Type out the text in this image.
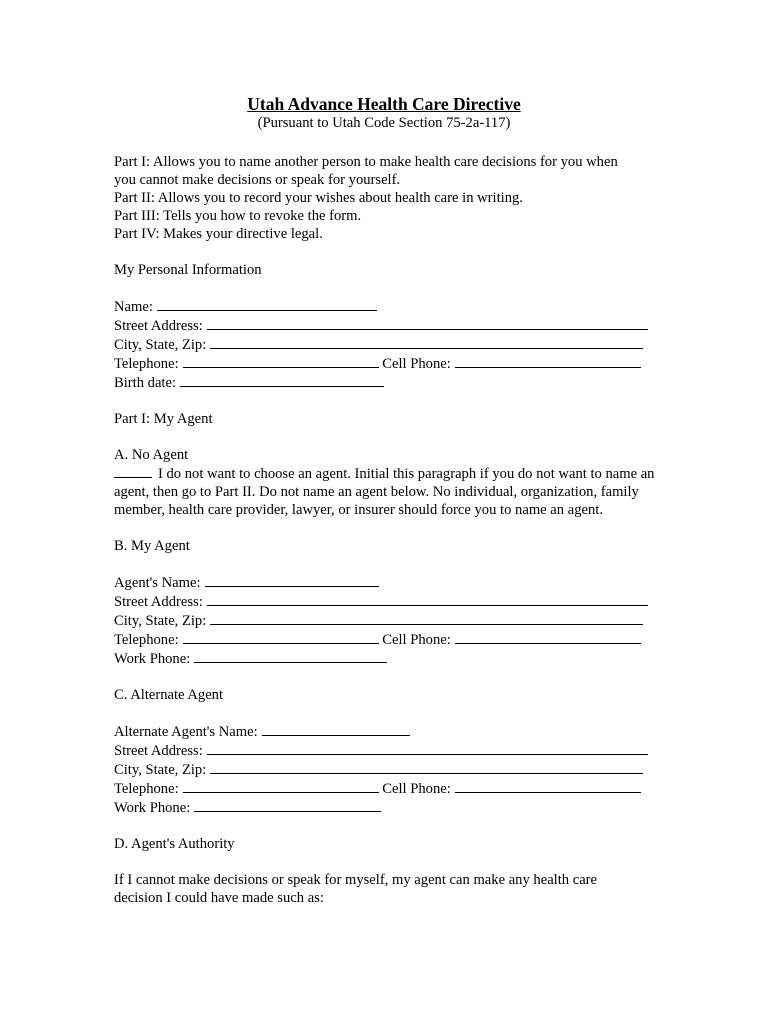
Utah Advance Health Care Directive

(Pursuant to Utah Code Section 75-2a-117)

Part I: Allows you to name another person to make health care decisions for you when you cannot make decisions or speak for yourself.

Part II: Allows you to record your wishes about health care in writing.

Part III: Tells you how to revoke the form.

Part IV: Makes your directive legal.

My Personal Information

Name:

Street Address:

City, State, Zip:

Telephone:	Cell Phone:

Birth date:

Part I: My Agent

A. No Agent

I do not want to choose an agent. Initial this paragraph if you do not want to name an agent, then go to Part II. Do not name an agent below. No individual, organization, family member, health care provider, lawyer, or insurer should force you to name an agent.

B. My Agent

Agent's Name:

Street Address:

City, State, Zip:

Telephone:	Cell Phone:

Work Phone:

C. Alternate Agent

Alternate Agent's Name:

Street Address:

City, State, Zip:

Telephone:	Cell Phone:

Work Phone:

D. Agent's Authority

If I cannot make decisions or speak for myself, my agent can make any health care decision I could have made such as:
